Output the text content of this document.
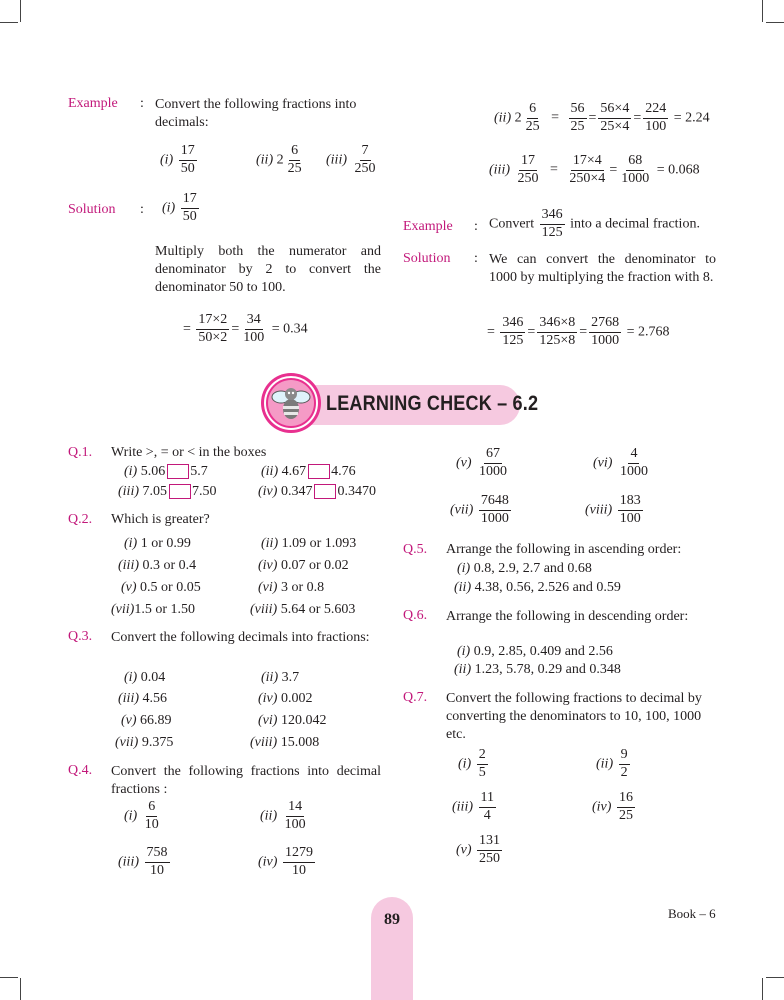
Example : Convert the following fractions into decimals:
$(i) \frac{17}{50}$	(ii) $2 \frac{6}{25} (iii) \frac{7}{250}$
Solution : $(i) \frac{17}{50}$
Multiply both the numerator and denominator by 2 to convert the denominator 50 to 100.
= $\frac{17\times 2}{50\times 2} = \frac{34}{100} = 0.34$
(ii) $2 \frac{6}{25} = \frac{56}{25} = \frac{56\times 4}{25\times 4} = \frac{224}{100} = 2.24$
$(iii) \frac{17}{250} = \frac{17\times 4}{250\times 4} = \frac{68}{1000} = 0.068$
Example : Convert $\frac{346}{125}$ into a decimal fraction.
Solution : We can convert the denominator to 1000 by multiplying the fraction with 8.
= $\frac{346}{125} = \frac{346\times 8}{125\times 8} = \frac{2768}{1000} = 2.768$
LEARNING CHECK – 6.2
Q.1. Write >, = or < in the boxes
(i) 5.06 5.7	(ii) 4.67 4.76
(iii) 7.05 7.50	(iv) 0.347 0.3470
Q.2. Which is greater?
(i) 1 or 0.99	(ii) 1.09 or 1.093
(iii) 0.3 or 0.4	(iv) 0.07 or 0.02
(v) 0.5 or 0.05	(vi) 3 or 0.8
(vii)1.5 or 1.50	(viii) 5.64 or 5.603
Q.3. Convert the following decimals into fractions:
(i) 0.04	(ii) 3.7
(iii) 4.56	(iv) 0.002
(v) 66.89	(vi) 120.042
(vii) 9.375	(viii) 15.008
Q.4. Convert the following fractions into decimal fractions :
$(i) \frac{6}{10}$	$(ii) \frac{14}{100}$
$(iii) \frac{758}{10}$	$(iv) \frac{1279}{10}$
$(v) \frac{67}{1000}$	$(vi) \frac{4}{1000}$
$(vii) \frac{7648}{1000}$	(viii) $\frac{183}{100}$
Q.5. Arrange the following in ascending order:
(i) 0.8, 2.9, 2.7 and 0.68
(ii) 4.38, 0.56, 2.526 and 0.59
Q.6. Arrange the following in descending order:
(i) 0.9, 2.85, 0.409 and 2.56
(ii) 1.23, 5.78, 0.29 and 0.348
Q.7. Convert the following fractions to decimal by converting the denominators to 10, 100, 1000 etc.
$(i) \frac{2}{5}$	$(ii) \frac{9}{2}$
$(iii) \frac{11}{4}$	$(iv) \frac{16}{25}$
$(v) \frac{131}{250}$
89	Book – 6
